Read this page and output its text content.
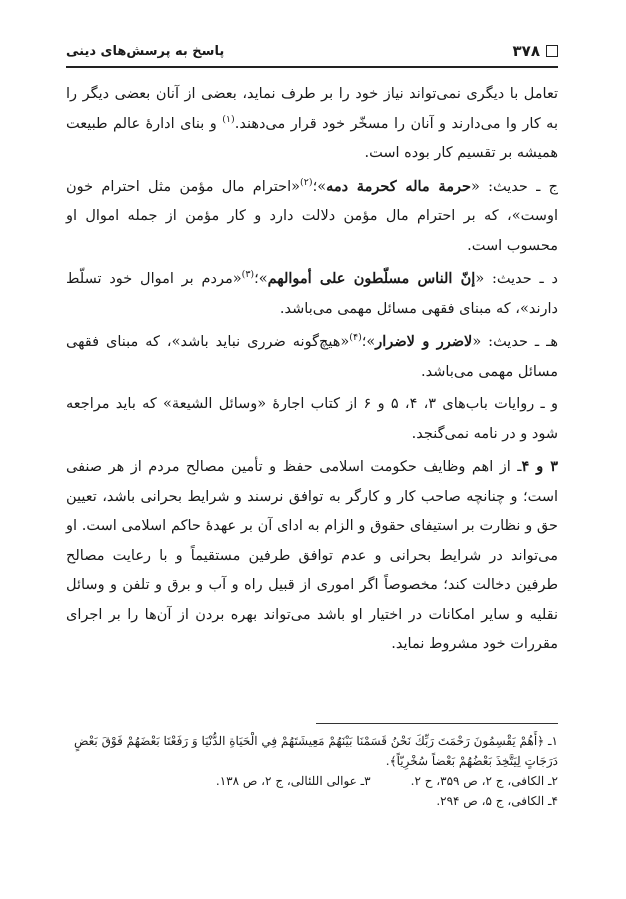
۳۷۸
پاسخ به پرسش‌های دینی

تعامل با دیگری نمی‌تواند نیاز خود را بر طرف نماید، بعضی از آنان بعضی دیگر را به کار وا می‌دارند و آنان را مسخّر خود قرار می‌دهند.$^{(۱)}$ و بنای ادارهٔ عالم طبیعت همیشه بر تقسیم کار بوده است.

ج ـ حدیث: «حرمة ماله کحرمة دمه»؛$^{(۲)}$«احترام مال مؤمن مثل احترام خون اوست»، که بر احترام مال مؤمن دلالت دارد و کار مؤمن از جمله اموال او محسوب است.

د ـ حدیث: «إنّ الناس مسلّطون علی أموالهم»؛$^{(۳)}$«مردم بر اموال خود تسلّط دارند»، که مبنای فقهی مسائل مهمی می‌باشد.

هـ ـ حدیث: «لاضرر و لاضرار»؛$^{(۴)}$«هیچ‌گونه ضرری نباید باشد»، که مبنای فقهی مسائل مهمی می‌باشد.

و ـ روایات باب‌های ۳، ۴، ۵ و ۶ از کتاب اجارهٔ «وسائل الشیعة» که باید مراجعه شود و در نامه نمی‌گنجد.

۳ و ۴ـ از اهم وظایف حکومت اسلامی حفظ و تأمین مصالح مردم از هر صنفی است؛ و چنانچه صاحب کار و کارگر به توافق نرسند و شرایط بحرانی باشد، تعیین حق و نظارت بر استیفای حقوق و الزام به ادای آن بر عهدهٔ حاکم اسلامی است. او می‌تواند در شرایط بحرانی و عدم توافق طرفین مستقیماً و با رعایت مصالح طرفین دخالت کند؛ مخصوصاً اگر اموری از قبیل راه و آب و برق و تلفن و وسائل نقلیه و سایر امکانات در اختیار او باشد می‌تواند بهره بردن از آن‌ها را بر اجرای مقررات خود مشروط نماید.

۱ـ ﴿أَهُمْ يَقْسِمُونَ رَحْمَتَ رَبِّكَ نَحْنُ قَسَمْنَا بَيْنَهُمْ مَعِيشَتَهُمْ فِي الْحَيَاةِ الدُّنْيَا وَ رَفَعْنَا بَعْضَهُمْ فَوْقَ بَعْضٍ دَرَجَاتٍ لِيَتَّخِذَ بَعْضُهُمْ بَعْضاً سُخْرِيّاً﴾.
۲ـ الکافی، ج ۲، ص ۳۵۹، ح ۲.
۳ـ عوالی اللئالی، ج ۲، ص ۱۳۸.
۴ـ الکافی، ج ۵، ص ۲۹۴.
